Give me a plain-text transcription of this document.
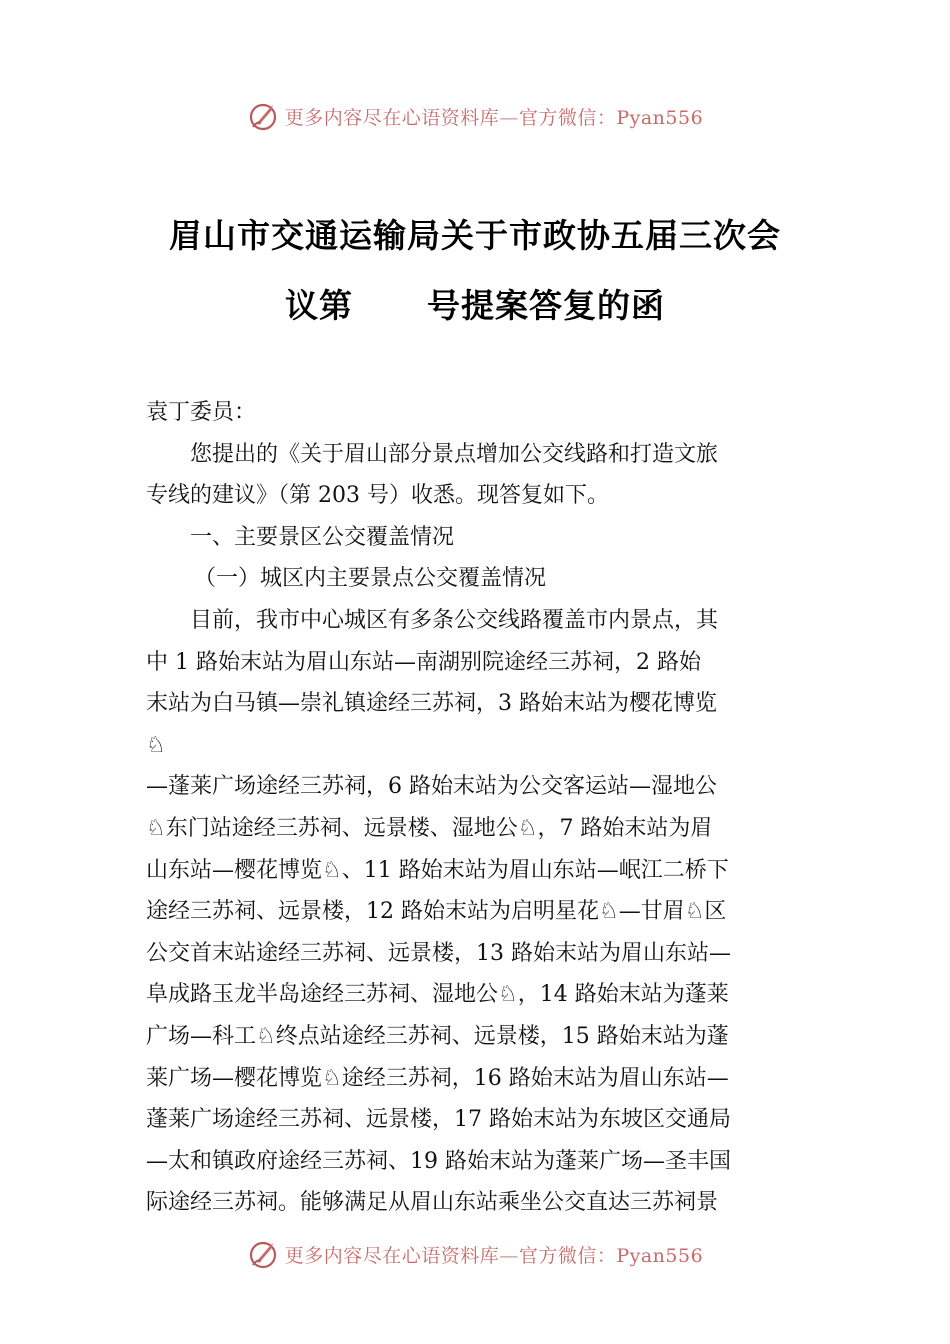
更多内容尽在心语资料库—官方微信：Pyan556
眉山市交通运输局关于市政协五届三次会
议第 号提案答复的函

袁丁委员：

您提出的《关于眉山部分景点增加公交线路和打造文旅

专线的建议》（第 203 号）收悉。现答复如下。

一、主要景区公交覆盖情况

（一）城区内主要景点公交覆盖情况

目前，我市中心城区有多条公交线路覆盖市内景点，其

中 1 路始末站为眉山东站—南湖别院途经三苏祠，2 路始

末站为白马镇—崇礼镇途经三苏祠，3 路始末站为樱花博览

♘

—蓬莱广场途经三苏祠，6 路始末站为公交客运站—湿地公

♘东门站途经三苏祠、远景楼、湿地公♘，7 路始末站为眉

山东站—樱花博览♘、11 路始末站为眉山东站—岷江二桥下

途经三苏祠、远景楼，12 路始末站为启明星花♘—甘眉♘区

公交首末站途经三苏祠、远景楼，13 路始末站为眉山东站—

阜成路玉龙半岛途经三苏祠、湿地公♘，14 路始末站为蓬莱

广场—科工♘终点站途经三苏祠、远景楼，15 路始末站为蓬

莱广场—樱花博览♘途经三苏祠，16 路始末站为眉山东站—

蓬莱广场途经三苏祠、远景楼，17 路始末站为东坡区交通局

—太和镇政府途经三苏祠、19 路始末站为蓬莱广场—圣丰国

际途经三苏祠。能够满足从眉山东站乘坐公交直达三苏祠景

更多内容尽在心语资料库—官方微信：Pyan556
